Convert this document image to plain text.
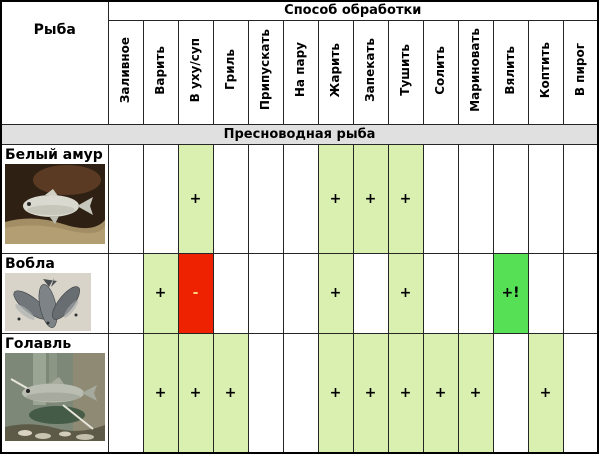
Рыба	Способ обработки													
	Заливное	Варить	В уху/суп	Гриль	Припускать	На пару	Жарить	Запекать	Тушить	Солить	Мариновать	Вялить	Коптить	В пирог
Пресноводная рыба														

Белый амур			+				+	+	+					

Вобла		+	-				+		+			+!		

Голавль		+	+	+			+	+	+	+	+		+	
